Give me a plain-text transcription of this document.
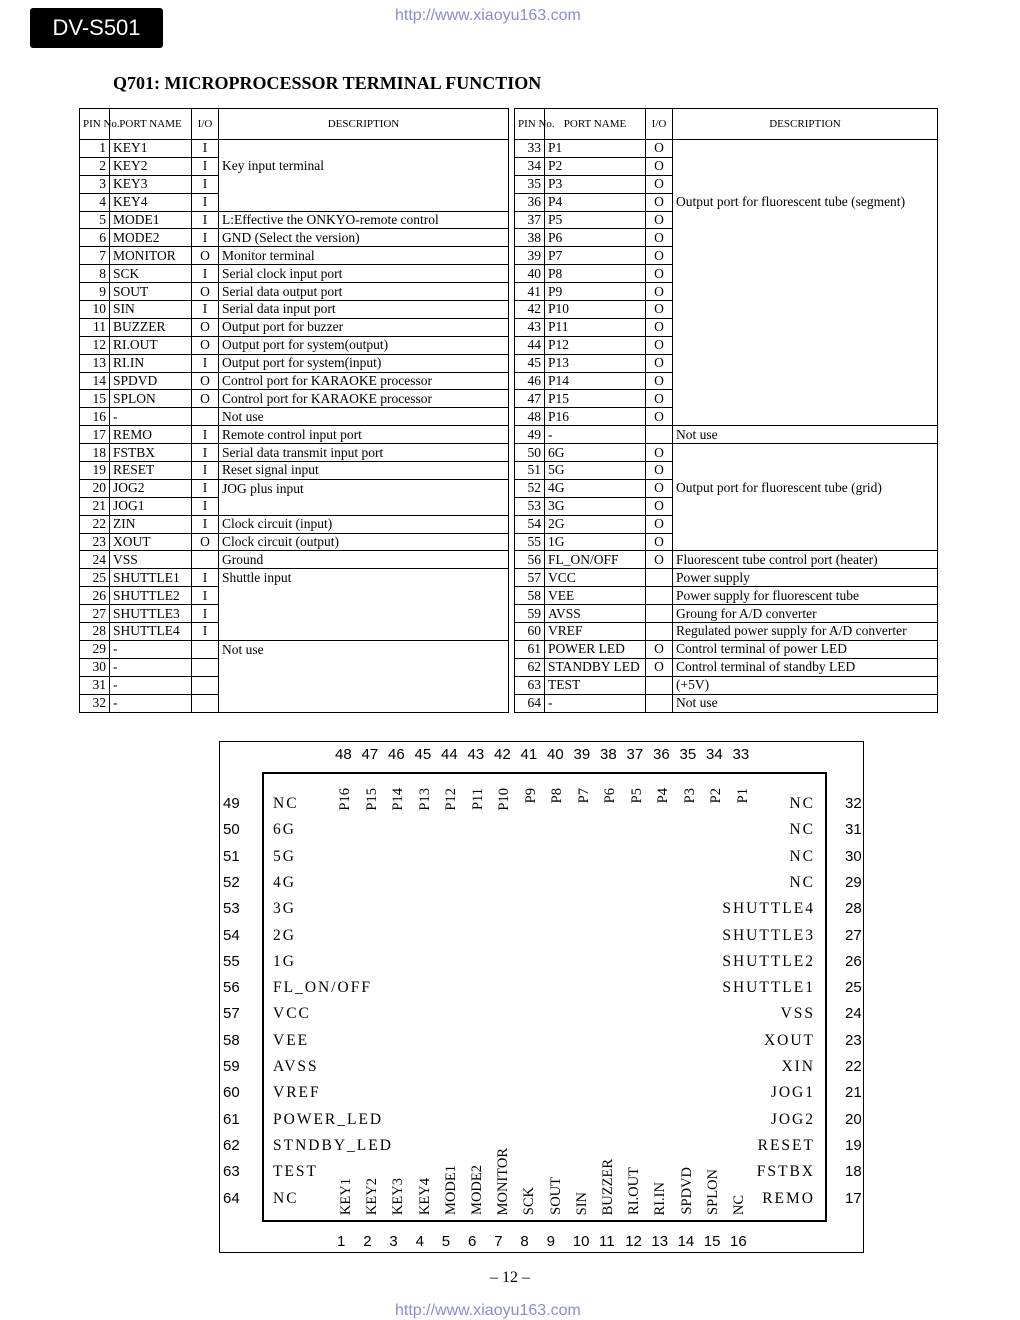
DV-S501	http://www.xiaoyu163.com
Q701: MICROPROCESSOR TERMINAL FUNCTION
PIN No.	PORT NAME	I/O	DESCRIPTION
1	KEY1	I	
2	KEY2	I	Key input terminal
3	KEY3	I	
4	KEY4	I	
5	MODE1	I	L:Effective the ONKYO-remote control
6	MODE2	I	GND (Select the version)
7	MONITOR	O	Monitor terminal
8	SCK	I	Serial clock input port
9	SOUT	O	Serial data output port
10	SIN	I	Serial data input port
11	BUZZER	O	Output port for buzzer
12	RI.OUT	O	Output port for system(output)
13	RI.IN	I	Output port for system(input)
14	SPDVD	O	Control port for KARAOKE processor
15	SPLON	O	Control port for KARAOKE processor
16	-		Not use
17	REMO	I	Remote control input port
18	FSTBX	I	Serial data transmit input port
19	RESET	I	Reset signal input
20	JOG2	I	JOG plus input
21	JOG1	I	
22	ZIN	I	Clock circuit (input)
23	XOUT	O	Clock circuit (output)
24	VSS		Ground
25	SHUTTLE1	I	Shuttle input
26	SHUTTLE2	I	
27	SHUTTLE3	I	
28	SHUTTLE4	I	
29	-		Not use
30	-		
31	-		
32	-		
PIN No.	PORT NAME	I/O	DESCRIPTION
33	P1	O	
34	P2	O	
35	P3	O	
36	P4	O	Output port for fluorescent tube (segment)
37	P5	O	
38	P6	O	
39	P7	O	
40	P8	O	
41	P9	O	
42	P10	O	
43	P11	O	
44	P12	O	
45	P13	O	
46	P14	O	
47	P15	O	
48	P16	O	
49	-		Not use
50	6G	O	
51	5G	O	
52	4G	O	Output port for fluorescent tube (grid)
53	3G	O	
54	2G	O	
55	1G	O	
56	FL_ON/OFF	O	Fluorescent tube control port (heater)
57	VCC		Power supply
58	VEE		Power supply for fluorescent tube
59	AVSS		Groung for A/D converter
60	VREF		Regulated power supply for A/D converter
61	POWER LED	O	Control terminal of power LED
62	STANDBY LED	O	Control terminal of standby LED
63	TEST		(+5V)
64	-		Not use
48
P16
47
P15
46
P14
45
P13
44
P12
43
P11
42
P10
41
P9
40
P8
39
P7
38
P6
37
P5
36
P4
35
P3
34
P2
33
P1
49 NC
50 6G
51 5G
52 4G
53 3G
54 2G
55 1G
56 FL_ON/OFF
57 VCC
58 VEE
59 AVSS
60 VREF
61 POWER_LED
62 STNDBY_LED
63 TEST
64 NC
32
NC
31
NC
30
NC
29
NC
28
SHUTTLE4
27
SHUTTLE3
26
SHUTTLE2
25
SHUTTLE1
24
VSS
23
XOUT
22
XIN
21
JOG1
20
JOG2
19
RESET
18
FSTBX
17
REMO
1
KEY1
2
KEY2
3
KEY3
4
KEY4
5
MODE1
6
MODE2
7
MONITOR
8
SCK
9
SOUT
10
SIN
11
BUZZER
12
RI.OUT
13
RI.IN
14
SPDVD
15
SPLON
16
NC
– 12 –
http://www.xiaoyu163.com
